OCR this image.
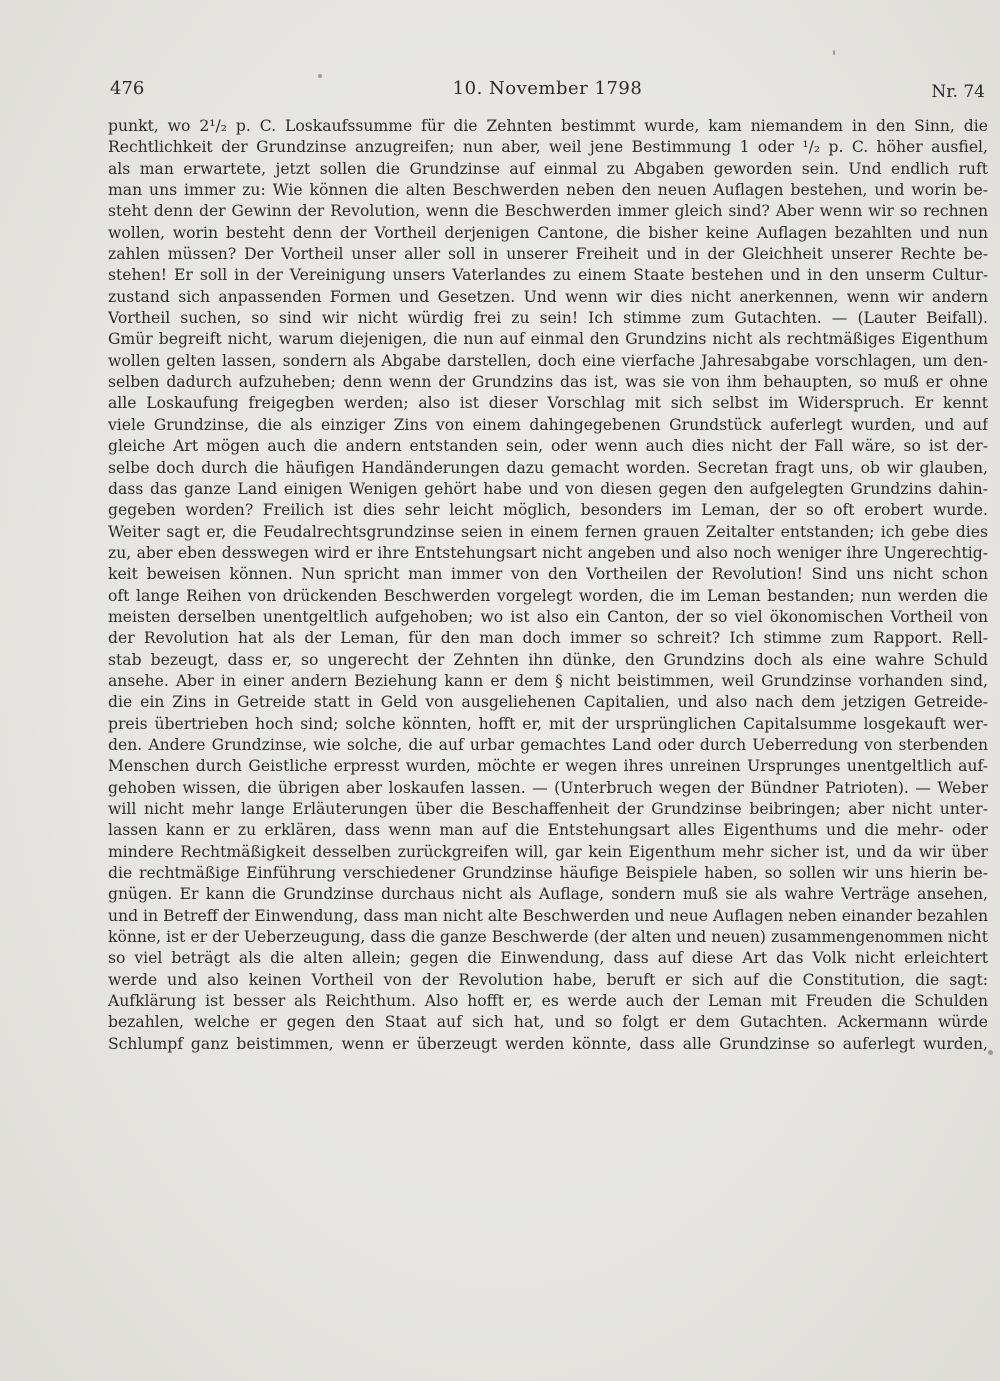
476	10. November 1798	Nr. 74
punkt, wo 2¹/₂ p. C. Loskaufssumme für die Zehnten bestimmt wurde, kam niemandem in den Sinn, die
Rechtlichkeit der Grundzinse anzugreifen; nun aber, weil jene Bestimmung 1 oder ¹/₂ p. C. höher ausfiel,
als man erwartete, jetzt sollen die Grundzinse auf einmal zu Abgaben geworden sein. Und endlich ruft
man uns immer zu: Wie können die alten Beschwerden neben den neuen Auflagen bestehen, und worin be-
steht denn der Gewinn der Revolution, wenn die Beschwerden immer gleich sind? Aber wenn wir so rechnen
wollen, worin besteht denn der Vortheil derjenigen Cantone, die bisher keine Auflagen bezahlten und nun
zahlen müssen? Der Vortheil unser aller soll in unserer Freiheit und in der Gleichheit unserer Rechte be-
stehen! Er soll in der Vereinigung unsers Vaterlandes zu einem Staate bestehen und in den unserm Cultur-
zustand sich anpassenden Formen und Gesetzen. Und wenn wir dies nicht anerkennen, wenn wir andern
Vortheil suchen, so sind wir nicht würdig frei zu sein! Ich stimme zum Gutachten. — (Lauter Beifall).
Gmür begreift nicht, warum diejenigen, die nun auf einmal den Grundzins nicht als rechtmäßiges Eigenthum
wollen gelten lassen, sondern als Abgabe darstellen, doch eine vierfache Jahresabgabe vorschlagen, um den-
selben dadurch aufzuheben; denn wenn der Grundzins das ist, was sie von ihm behaupten, so muß er ohne
alle Loskaufung freigegben werden; also ist dieser Vorschlag mit sich selbst im Widerspruch. Er kennt
viele Grundzinse, die als einziger Zins von einem dahingegebenen Grundstück auferlegt wurden, und auf
gleiche Art mögen auch die andern entstanden sein, oder wenn auch dies nicht der Fall wäre, so ist der-
selbe doch durch die häufigen Handänderungen dazu gemacht worden. Secretan fragt uns, ob wir glauben,
dass das ganze Land einigen Wenigen gehört habe und von diesen gegen den aufgelegten Grundzins dahin-
gegeben worden? Freilich ist dies sehr leicht möglich, besonders im Leman, der so oft erobert wurde.
Weiter sagt er, die Feudalrechtsgrundzinse seien in einem fernen grauen Zeitalter entstanden; ich gebe dies
zu, aber eben desswegen wird er ihre Entstehungsart nicht angeben und also noch weniger ihre Ungerechtig-
keit beweisen können. Nun spricht man immer von den Vortheilen der Revolution! Sind uns nicht schon
oft lange Reihen von drückenden Beschwerden vorgelegt worden, die im Leman bestanden; nun werden die
meisten derselben unentgeltlich aufgehoben; wo ist also ein Canton, der so viel ökonomischen Vortheil von
der Revolution hat als der Leman, für den man doch immer so schreit? Ich stimme zum Rapport. Rell-
stab bezeugt, dass er, so ungerecht der Zehnten ihn dünke, den Grundzins doch als eine wahre Schuld
ansehe. Aber in einer andern Beziehung kann er dem § nicht beistimmen, weil Grundzinse vorhanden sind,
die ein Zins in Getreide statt in Geld von ausgeliehenen Capitalien, und also nach dem jetzigen Getreide-
preis übertrieben hoch sind; solche könnten, hofft er, mit der ursprünglichen Capitalsumme losgekauft wer-
den. Andere Grundzinse, wie solche, die auf urbar gemachtes Land oder durch Ueberredung von sterbenden
Menschen durch Geistliche erpresst wurden, möchte er wegen ihres unreinen Ursprunges unentgeltlich auf-
gehoben wissen, die übrigen aber loskaufen lassen. — (Unterbruch wegen der Bündner Patrioten). — Weber
will nicht mehr lange Erläuterungen über die Beschaffenheit der Grundzinse beibringen; aber nicht unter-
lassen kann er zu erklären, dass wenn man auf die Entstehungsart alles Eigenthums und die mehr- oder
mindere Rechtmäßigkeit desselben zurückgreifen will, gar kein Eigenthum mehr sicher ist, und da wir über
die rechtmäßige Einführung verschiedener Grundzinse häufige Beispiele haben, so sollen wir uns hierin be-
gnügen. Er kann die Grundzinse durchaus nicht als Auflage, sondern muß sie als wahre Verträge ansehen,
und in Betreff der Einwendung, dass man nicht alte Beschwerden und neue Auflagen neben einander bezahlen
könne, ist er der Ueberzeugung, dass die ganze Beschwerde (der alten und neuen) zusammengenommen nicht
so viel beträgt als die alten allein; gegen die Einwendung, dass auf diese Art das Volk nicht erleichtert
werde und also keinen Vortheil von der Revolution habe, beruft er sich auf die Constitution, die sagt:
Aufklärung ist besser als Reichthum. Also hofft er, es werde auch der Leman mit Freuden die Schulden
bezahlen, welche er gegen den Staat auf sich hat, und so folgt er dem Gutachten. Ackermann würde
Schlumpf ganz beistimmen, wenn er überzeugt werden könnte, dass alle Grundzinse so auferlegt wurden,
